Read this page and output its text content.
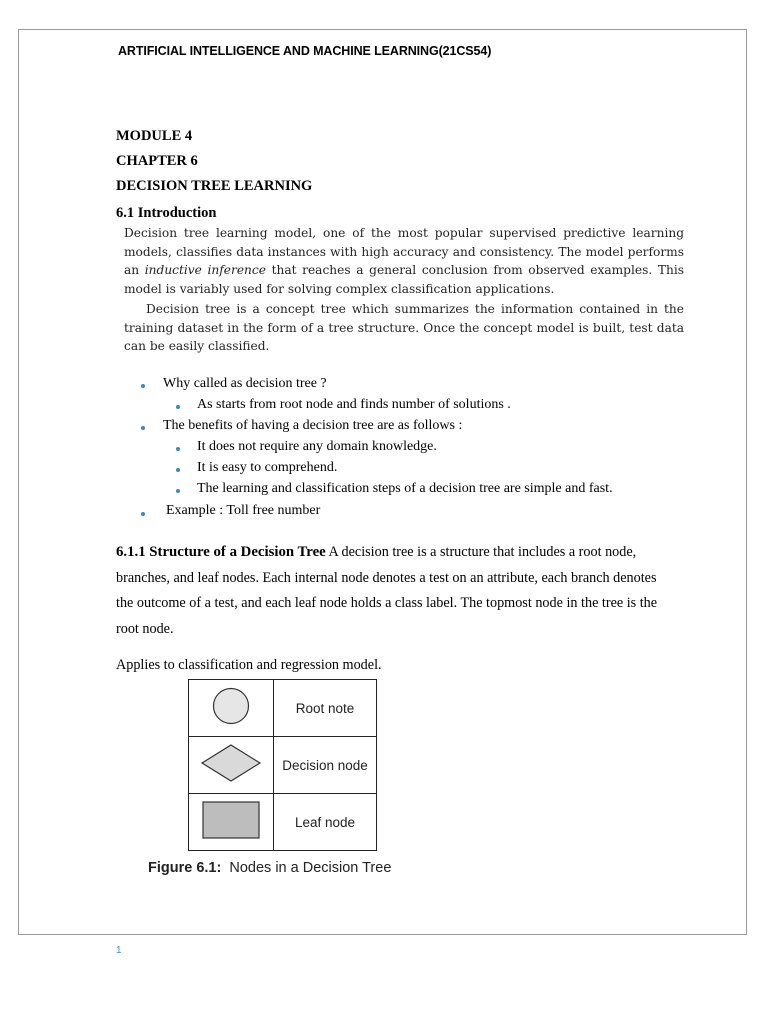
ARTIFICIAL INTELLIGENCE AND MACHINE LEARNING(21CS54)
MODULE 4
CHAPTER 6
DECISION TREE LEARNING
6.1 Introduction

Decision tree learning model, one of the most popular supervised predictive learning models, classifies data instances with high accuracy and consistency. The model performs an inductive inference that reaches a general conclusion from observed examples. This model is variably used for solving complex classification applications.

Decision tree is a concept tree which summarizes the information contained in the training dataset in the form of a tree structure. Once the concept model is built, test data can be easily classified.

Why called as decision tree ?
As starts from root node and finds number of solutions .
The benefits of having a decision tree are as follows :
It does not require any domain knowledge.
It is easy to comprehend.
The learning and classification steps of a decision tree are simple and fast.
Example : Toll free number
6.1.1 Structure of a Decision Tree A decision tree is a structure that includes a root node, branches, and leaf nodes. Each internal node denotes a test on an attribute, each branch denotes the outcome of a test, and each leaf node holds a class label. The topmost node in the tree is the root node.
Applies to classification and regression model.
	Root note
	Decision node
	Leaf node
Figure 6.1: Nodes in a Decision Tree
1
